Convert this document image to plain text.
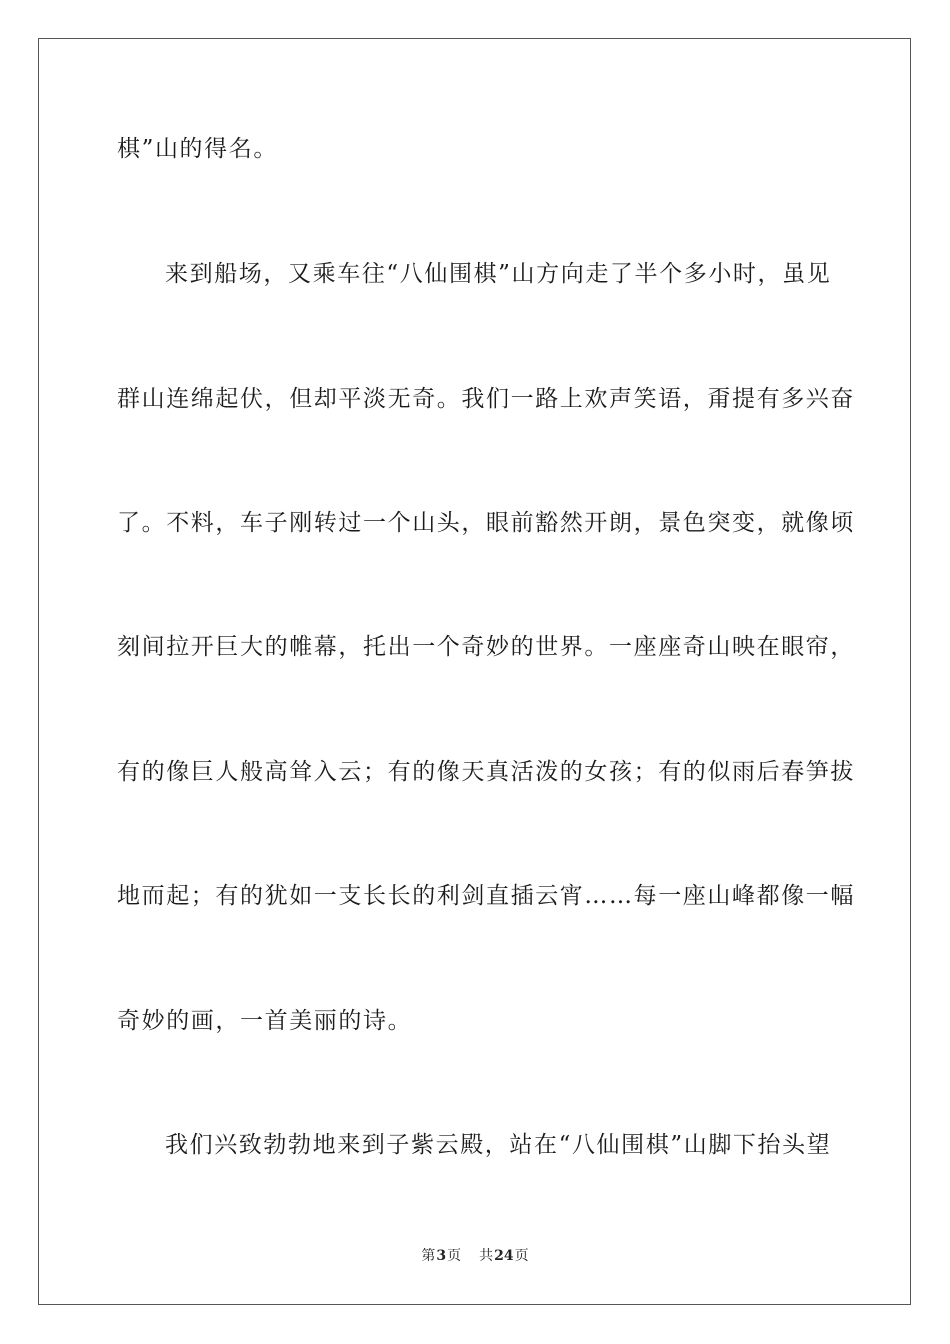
棋”山的得名。
来到船场，又乘车往“八仙围棋”山方向走了半个多小时，虽见
群山连绵起伏，但却平淡无奇。我们一路上欢声笑语，甭提有多兴奋
了。不料，车子刚转过一个山头，眼前豁然开朗，景色突变，就像顷
刻间拉开巨大的帷幕，托出一个奇妙的世界。一座座奇山映在眼帘，
有的像巨人般高耸入云；有的像天真活泼的女孩；有的似雨后春笋拔
地而起；有的犹如一支长长的利剑直插云宵……每一座山峰都像一幅
奇妙的画，一首美丽的诗。
我们兴致勃勃地来到子紫云殿，站在“八仙围棋”山脚下抬头望
第3页 共24页
